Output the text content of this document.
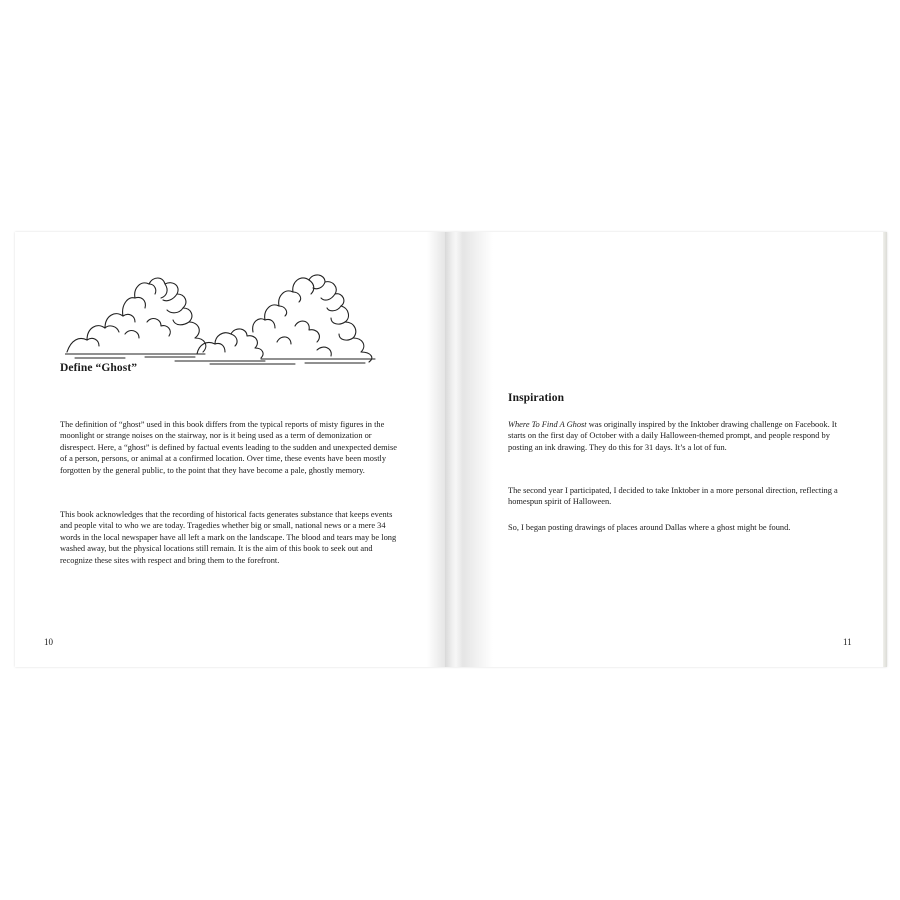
Define “Ghost”

The definition of “ghost” used in this book differs from the typical reports of misty figures in the moonlight or strange noises on the stairway, nor is it being used as a term of demonization or disrespect. Here, a “ghost” is defined by factual events leading to the sudden and unexpected demise of a person, persons, or animal at a confirmed location. Over time, these events have been mostly forgotten by the general public, to the point that they have become a pale, ghostly memory.

This book acknowledges that the recording of historical facts generates substance that keeps events and people vital to who we are today. Tragedies whether big or small, national news or a mere 34 words in the local newspaper have all left a mark on the landscape. The blood and tears may be long washed away, but the physical locations still remain. It is the aim of this book to seek out and recognize these sites with respect and bring them to the forefront.

10
Inspiration

Where To Find A Ghost was originally inspired by the Inktober drawing challenge on Facebook. It starts on the first day of October with a daily Halloween-themed prompt, and people respond by posting an ink drawing. They do this for 31 days. It’s a lot of fun.

The second year I participated, I decided to take Inktober in a more personal direction, reflecting a homespun spirit of Halloween.

So, I began posting drawings of places around Dallas where a ghost might be found.

11
